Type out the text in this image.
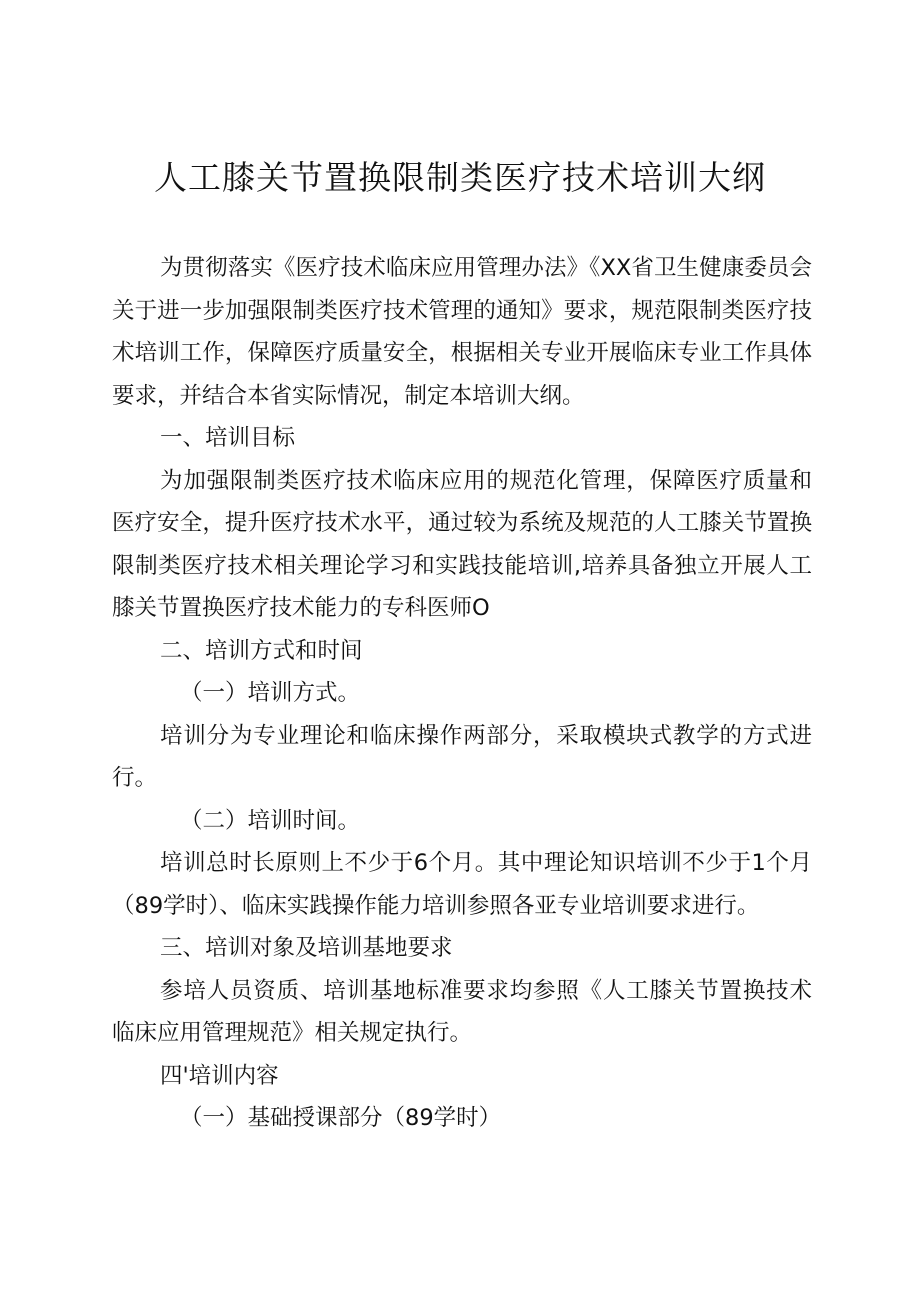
人工膝关节置换限制类医疗技术培训大纲

为贯彻落实《医疗技术临床应用管理办法》《XX省卫生健康委员会关于进一步加强限制类医疗技术管理的通知》要求，规范限制类医疗技术培训工作，保障医疗质量安全，根据相关专业开展临床专业工作具体要求，并结合本省实际情况，制定本培训大纲。

一、培训目标

为加强限制类医疗技术临床应用的规范化管理，保障医疗质量和医疗安全，提升医疗技术水平，通过较为系统及规范的人工膝关节置换限制类医疗技术相关理论学习和实践技能培训,培养具备独立开展人工膝关节置换医疗技术能力的专科医师O

二、培训方式和时间

（一）培训方式。

培训分为专业理论和临床操作两部分，采取模块式教学的方式进行。

（二）培训时间。

培训总时长原则上不少于6个月。其中理论知识培训不少于1个月（89学时）、临床实践操作能力培训参照各亚专业培训要求进行。

三、培训对象及培训基地要求

参培人员资质、培训基地标准要求均参照《人工膝关节置换技术临床应用管理规范》相关规定执行。

四'培训内容

（一）基础授课部分（89学时）
